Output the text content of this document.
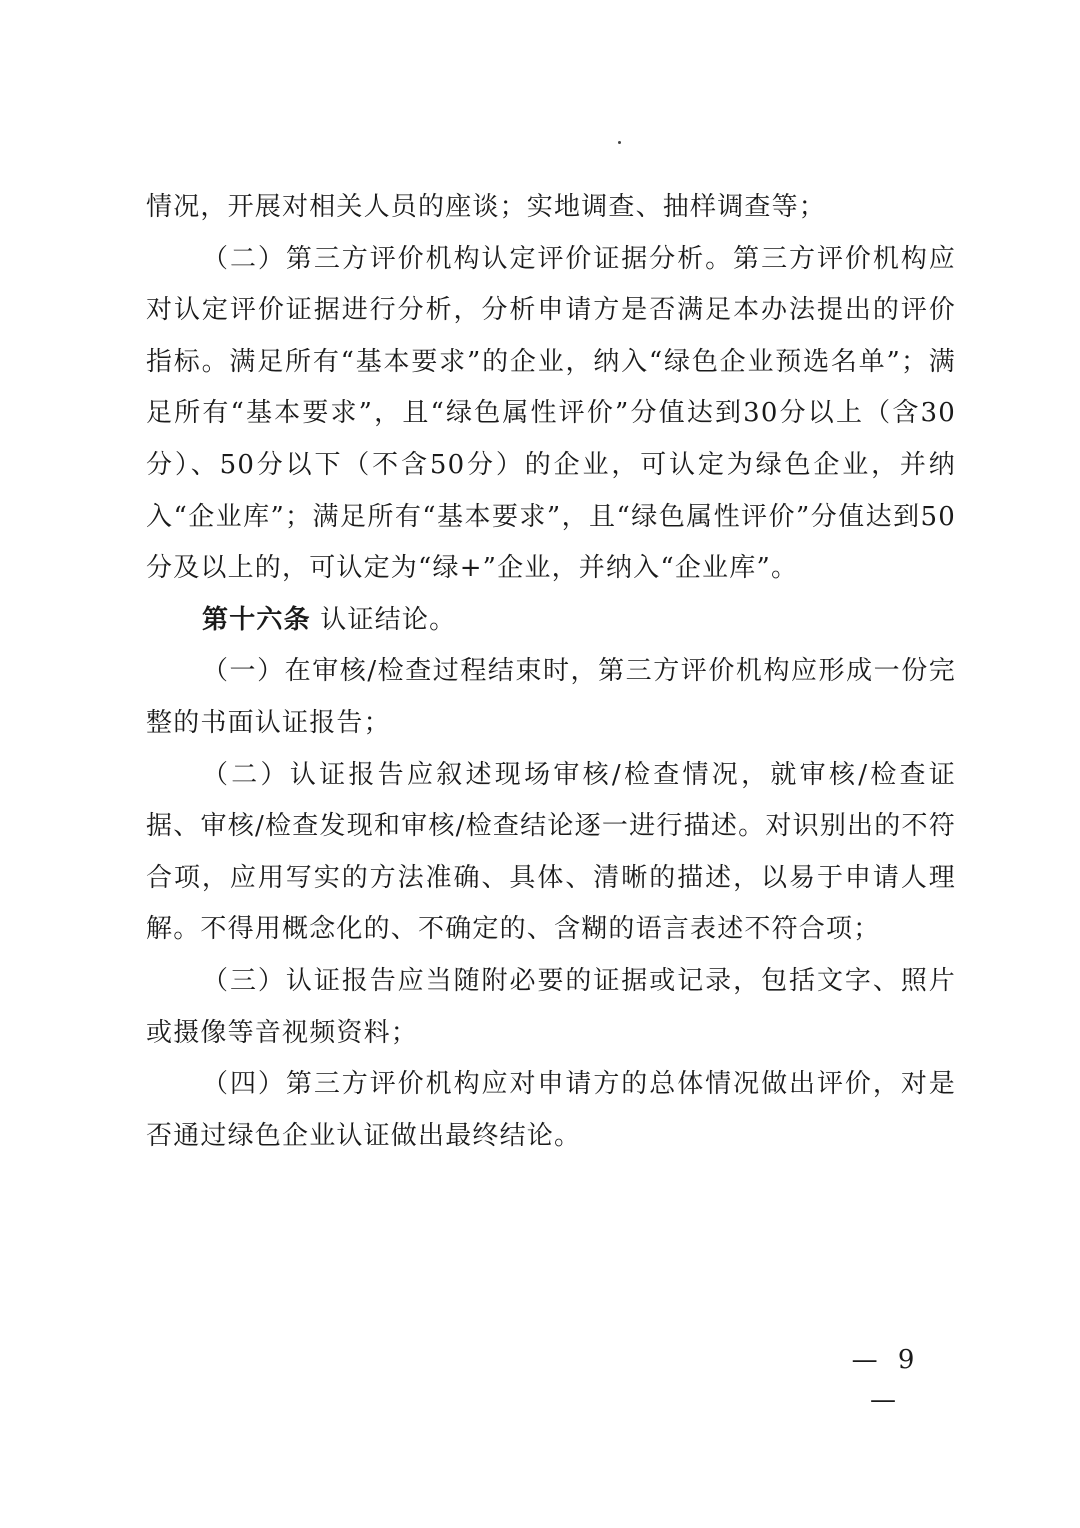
情况，开展对相关人员的座谈；实地调查、抽样调查等；

（二）第三方评价机构认定评价证据分析。第三方评价机构应对认定评价证据进行分析，分析申请方是否满足本办法提出的评价指标。满足所有“基本要求”的企业，纳入“绿色企业预选名单”；满足所有“基本要求”，且“绿色属性评价”分值达到30分以上（含30分）、50分以下（不含50分）的企业，可认定为绿色企业，并纳入“企业库”；满足所有“基本要求”，且“绿色属性评价”分值达到50分及以上的，可认定为“绿+”企业，并纳入“企业库”。

第十六条 认证结论。

（一）在审核/检查过程结束时，第三方评价机构应形成一份完整的书面认证报告；

（二）认证报告应叙述现场审核/检查情况，就审核/检查证据、审核/检查发现和审核/检查结论逐一进行描述。对识别出的不符合项，应用写实的方法准确、具体、清晰的描述，以易于申请人理解。不得用概念化的、不确定的、含糊的语言表述不符合项；

（三）认证报告应当随附必要的证据或记录，包括文字、照片或摄像等音视频资料；

（四）第三方评价机构应对申请方的总体情况做出评价，对是否通过绿色企业认证做出最终结论。

— 9 —
